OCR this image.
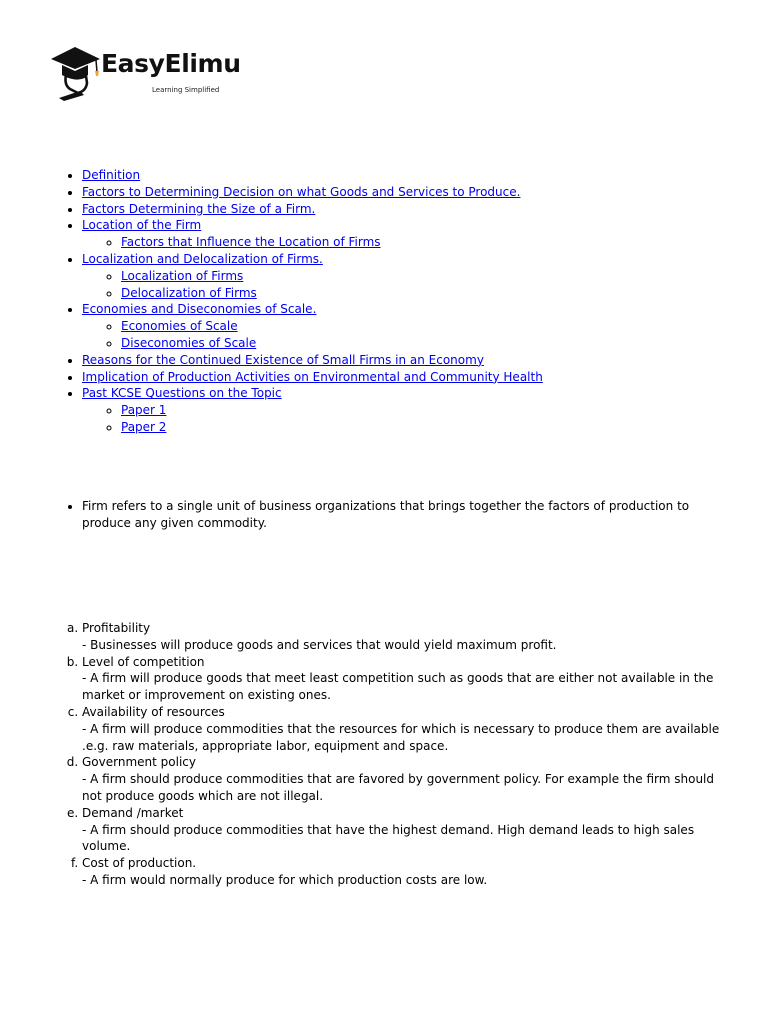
EasyElimu
Learning Simplified
• Definition
• Factors to Determining Decision on what Goods and Services to Produce.
• Factors Determining the Size of a Firm.
• Location of the Firm
◦ Factors that Influence the Location of Firms
• Localization and Delocalization of Firms.
◦ Localization of Firms
◦ Delocalization of Firms
• Economies and Diseconomies of Scale.
◦ Economies of Scale
◦ Diseconomies of Scale
• Reasons for the Continued Existence of Small Firms in an Economy
• Implication of Production Activities on Environmental and Community Health
• Past KCSE Questions on the Topic
◦ Paper 1
◦ Paper 2
• Firm refers to a single unit of business organizations that brings together the factors of production to produce any given commodity.
a. Profitability
- Businesses will produce goods and services that would yield maximum profit.
b. Level of competition
- A firm will produce goods that meet least competition such as goods that are either not available in the market or improvement on existing ones.
c. Availability of resources
- A firm will produce commodities that the resources for which is necessary to produce them are available .e.g. raw materials, appropriate labor, equipment and space.
d. Government policy
- A firm should produce commodities that are favored by government policy. For example the firm should not produce goods which are not illegal.
e. Demand /market
- A firm should produce commodities that have the highest demand. High demand leads to high sales volume.
f. Cost of production.
- A firm would normally produce for which production costs are low.
